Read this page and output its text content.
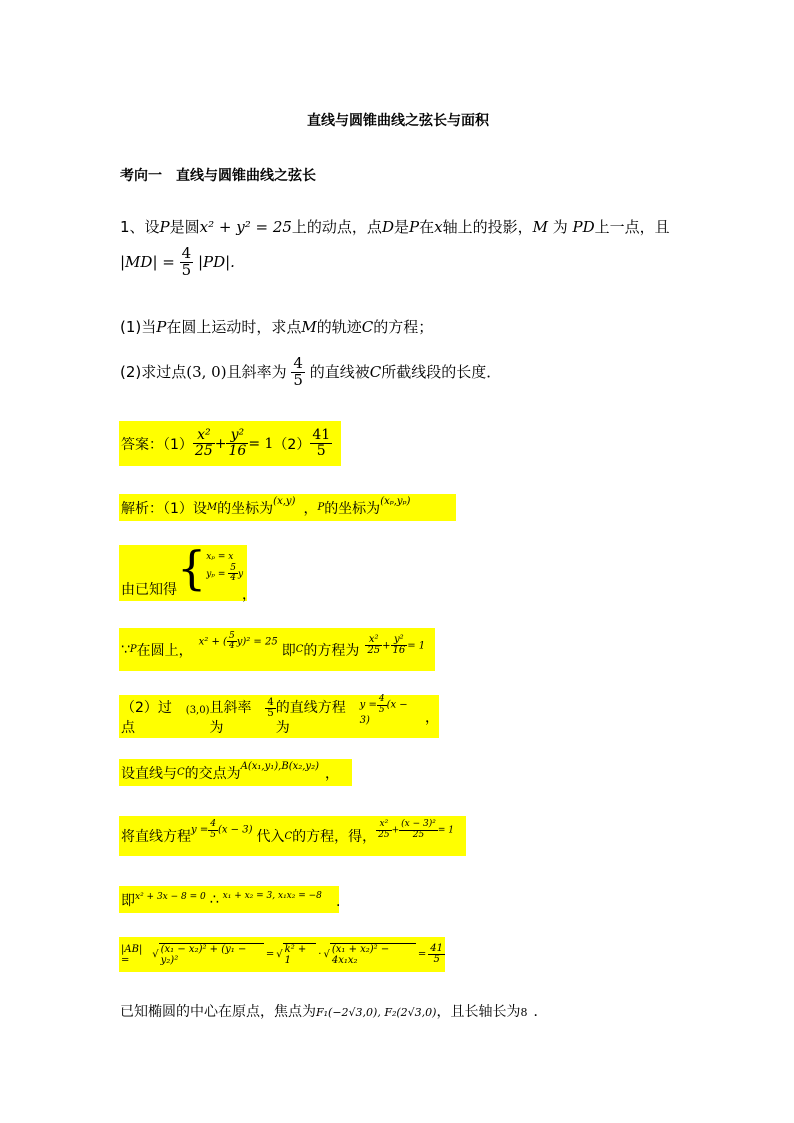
直线与圆锥曲线之弦长与面积
考向一　直线与圆锥曲线之弦长
1、设P是圆x² + y² = 25上的动点，点D是P在x轴上的投影，M 为 PD上一点，且
$|MD| = \frac{4}{5} |PD|$.
(1)当P在圆上运动时，求点M的轨迹C的方程；
(2)求过点(3, 0)且斜率为 $\frac{4}{5}$ 的直线被C所截线段的长度．
答案：$(1) \frac{\text{x²}}{25} + \frac{\text{y²}}{16} = 1$ $(2) \frac{41}{5}$
解析：（1）设 M 的坐标为 (x,y) ， P 的坐标为 (xₚ,yₚ)
由已知得 { xₚ = x
$y_p = \frac{5}{4}$ y
，
∵ P 在圆上，
x² + ( $\frac{5}{4} y)^2 = 25$
即 C 的方程为 $\frac{\text{x²}}{25} + \frac{\text{y²}}{16} = 1$
（2）过点
(3,0) 且斜率为
$\frac{4}{5}$ 的直线方程为
$y = \frac{4}{5} (x - 3)$	，
设直线与 C 的交点为 A(x₁,y₁),B(x₂,y₂) ，
将直线方程 $y = \frac{4}{5} (x - 3)$ 代入 C 的方程，得， $\frac{\text{x²}}{25} + \frac{\text{(x − 3)²}}{25} = 1$
即 x² + 3x − 8 = 0 ∴ x₁ + x₂ = 3, x₁x₂ = −8 .
|AB| =	√ (x₁ − x₂)² + (y₁ − y₂)²
= √ k² + 1
· √ (x₁ + x₂)² − 4x₁x₂
= $\frac{41}{5}$
已知椭圆的中心在原点，焦点为F₁(−2√3,0), F₂(2√3,0)，且长轴长为8 ．
